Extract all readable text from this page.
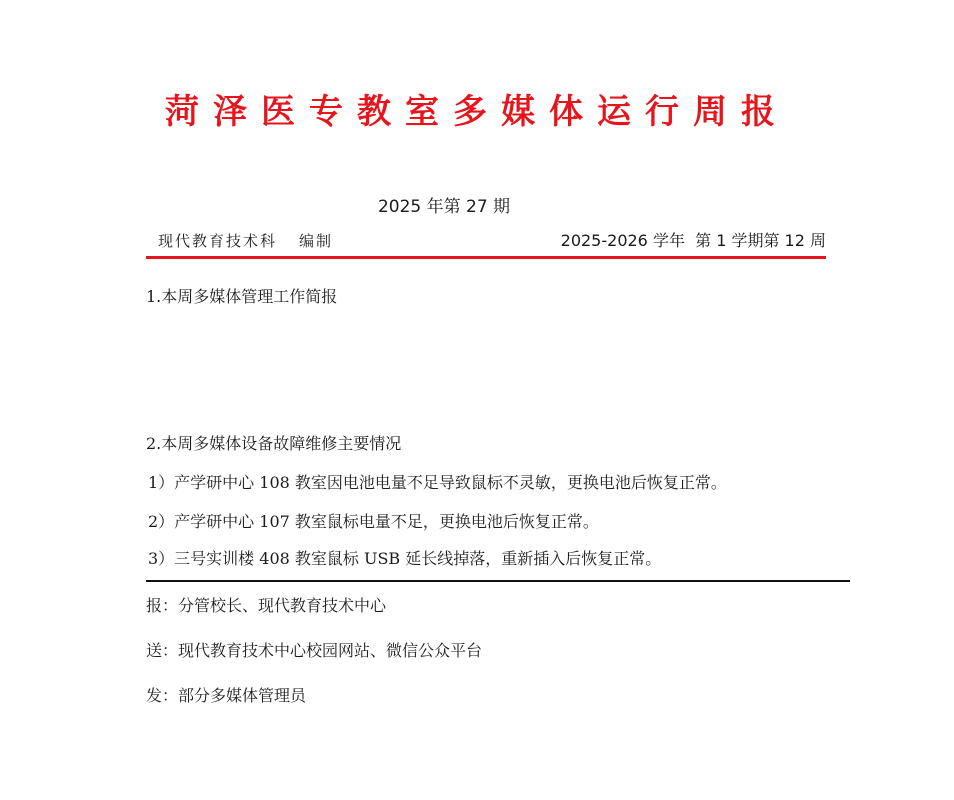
菏泽医专教室多媒体运行周报
2025 年第 27 期
现代教育技术科 编制	2025-2026 学年  第 1 学期第 12 周
1.本周多媒体管理工作简报
2.本周多媒体设备故障维修主要情况
1）产学研中心 108 教室因电池电量不足导致鼠标不灵敏，更换电池后恢复正常。
2）产学研中心 107 教室鼠标电量不足，更换电池后恢复正常。
3）三号实训楼 408 教室鼠标 USB 延长线掉落，重新插入后恢复正常。
报：分管校长、现代教育技术中心
送：现代教育技术中心校园网站、微信公众平台
发：部分多媒体管理员
